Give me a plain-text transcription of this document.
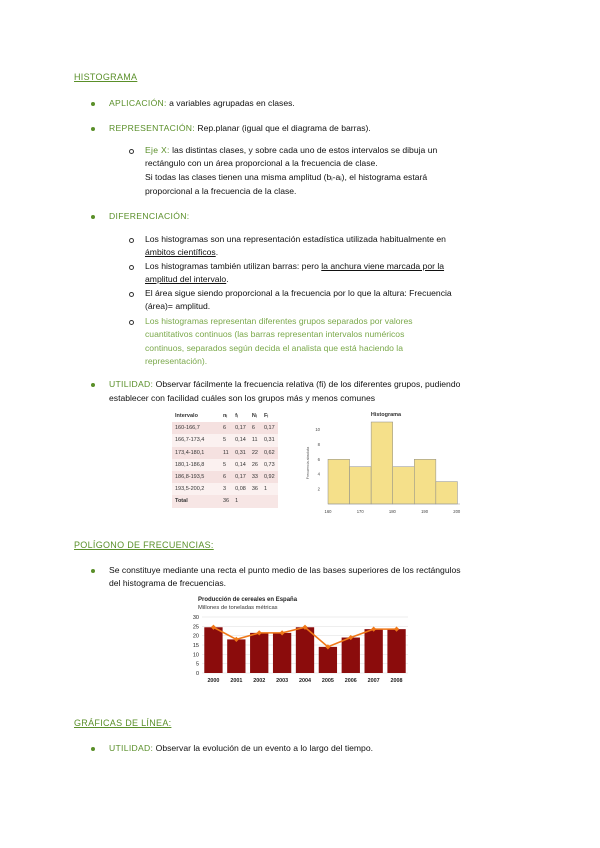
HISTOGRAMA
APLICACIÓN: a variables agrupadas en clases.
REPRESENTACIÓN: Rep.planar (igual que el diagrama de barras).
Eje X: las distintas clases, y sobre cada uno de estos intervalos se dibuja un
rectángulo con un área proporcional a la frecuencia de clase.
Si todas las clases tienen una misma amplitud (bᵢ-aᵢ), el histograma estará
proporcional a la frecuencia de la clase.
DIFERENCIACIÓN:
Los histogramas son una representación estadística utilizada habitualmente en
ámbitos científicos.
Los histogramas también utilizan barras: pero la anchura viene marcada por la
amplitud del intervalo.
El área sigue siendo proporcional a la frecuencia por lo que la altura: Frecuencia
(área)= amplitud.
Los histogramas representan diferentes grupos separados por valores
cuantitativos continuos (las barras representan intervalos numéricos
continuos, separados según decida el analista que está haciendo la
representación).
UTILIDAD: Observar fácilmente la frecuencia relativa (fi) de los diferentes grupos, pudiendo
establecer con facilidad cuáles son los grupos más y menos comunes
Intervalo	nᵢ	fᵢ	Nᵢ	Fᵢ
160-166,7	6	0,17	6	0,17
166,7-173,4	5	0,14	11	0,31
173,4-180,1	11	0,31	22	0,62
180,1-186,8	5	0,14	26	0,73
186,8-193,5	6	0,17	33	0,92
193,5-200,2	3	0,08	36	1
Total	36	1		
Histograma
Frecuencia absoluta
2
4
6
8
10
160	170	180	190	200
POLÍGONO DE FRECUENCIAS:
Se constituye mediante una recta el punto medio de las bases superiores de los rectángulos
del histograma de frecuencias.
Producción de cereales en España
Millones de toneladas métricas
0
5
10
15
20
25
30
2000 2001 2002 2003 2004 2005 2006 2007 2008
GRÁFICAS DE LÍNEA:
UTILIDAD: Observar la evolución de un evento a lo largo del tiempo.
